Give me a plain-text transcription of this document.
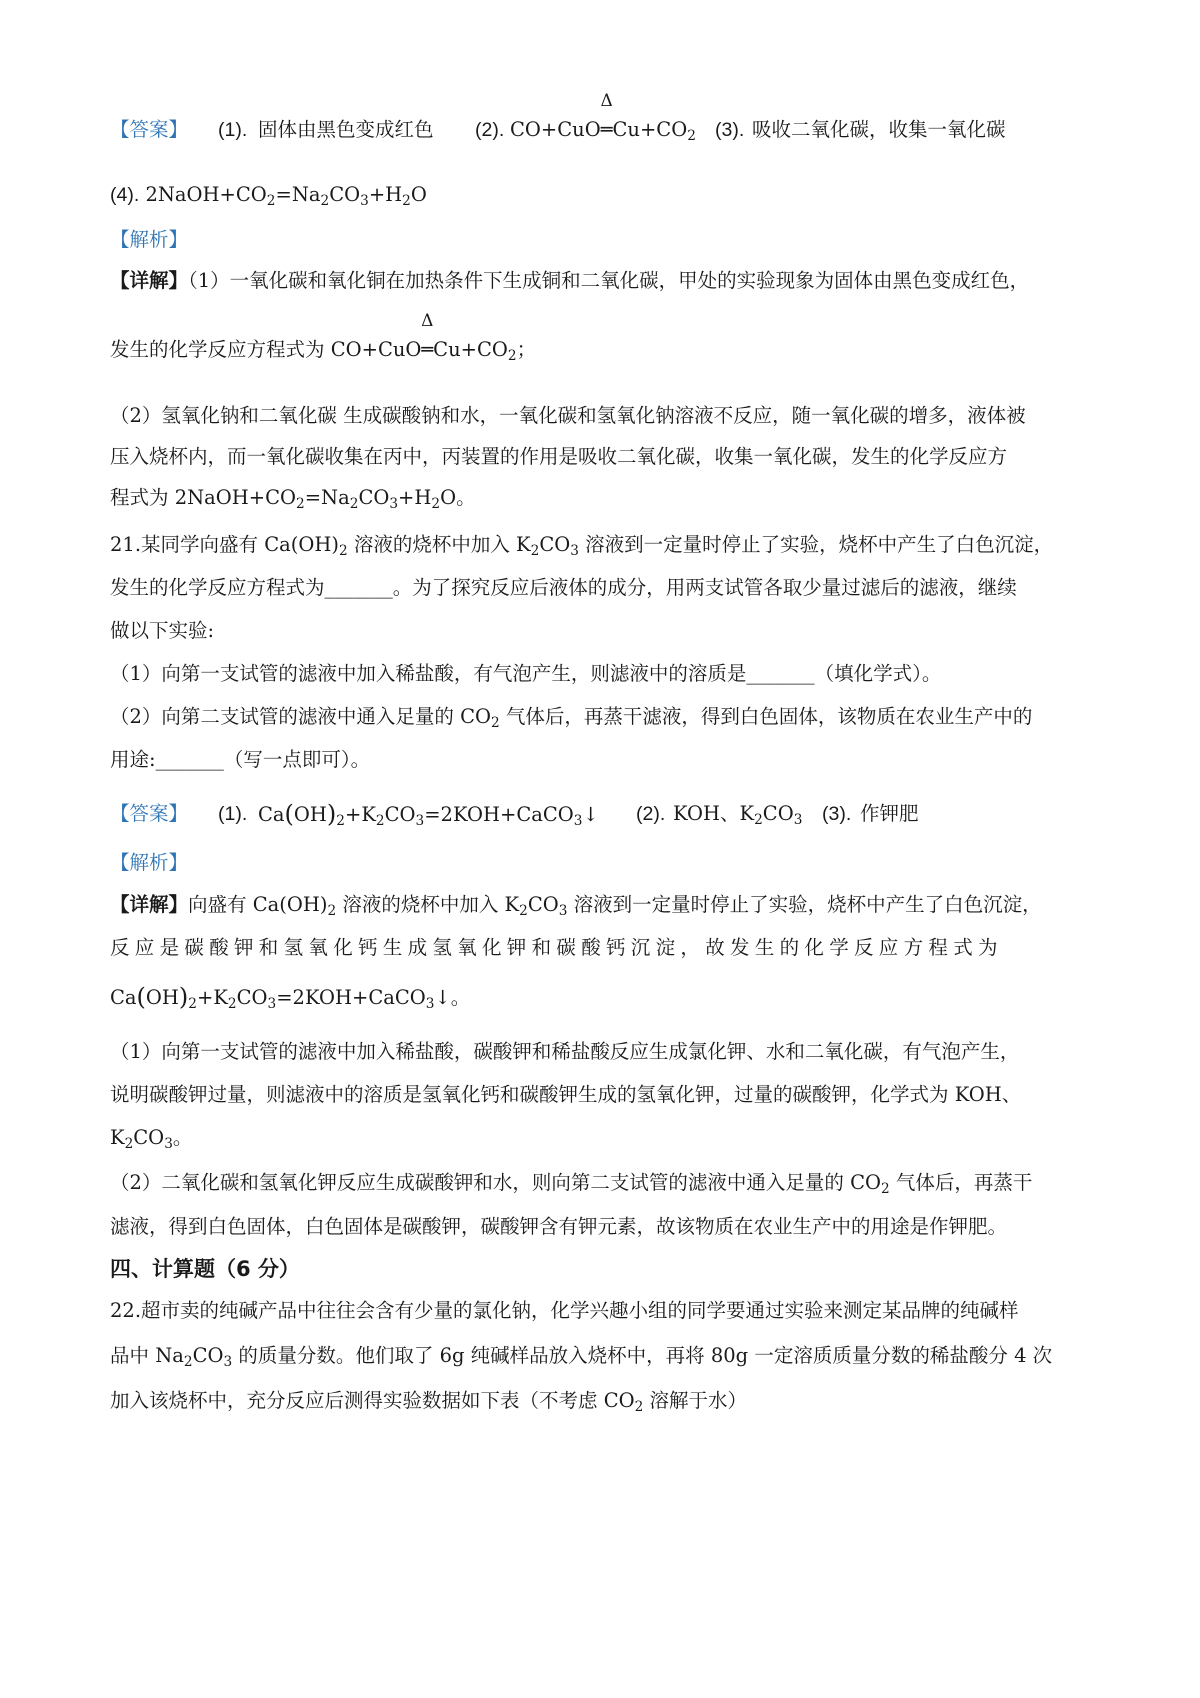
【答案】 (1). 固体由黑色变成红色 (2). CO+CuO
Δ
$═Cu+CO_2$ (3). 吸收二氧化碳，收集一氧化碳
(4). $2NaOH+CO_2=Na_2CO_3+H_2O$
【解析】
【详解】（1）一氧化碳和氧化铜在加热条件下生成铜和二氧化碳，甲处的实验现象为固体由黑色变成红色，
发生的化学反应方程式为 CO+CuO
Δ
$═Cu+CO_2$；
（2）氢氧化钠和二氧化碳 生成碳酸钠和水，一氧化碳和氢氧化钠溶液不反应，随一氧化碳的增多，液体被
压入烧杯内，而一氧化碳收集在丙中，丙装置的作用是吸收二氧化碳，收集一氧化碳，发生的化学反应方
程式为 $2NaOH+CO_2=Na_2CO_3+H_2O$。
21.某同学向盛有 $Ca(OH)_2$ 溶液的烧杯中加入 $K_2CO_3$ 溶液到一定量时停止了实验，烧杯中产生了白色沉淀，
发生的化学反应方程式为_______。为了探究反应后液体的成分，用两支试管各取少量过滤后的滤液，继续
做以下实验:
（1）向第一支试管的滤液中加入稀盐酸，有气泡产生，则滤液中的溶质是_______（填化学式）。
（2）向第二支试管的滤液中通入足量的 $CO_2$ 气体后，再蒸干滤液，得到白色固体，该物质在农业生产中的
用途:_______（写一点即可）。
【答案】 (1). $Ca(OH)_2+K_2CO_3=2KOH+CaCO_3↓$ (2). KOH、$K_2CO_3$ (3). 作钾肥
【解析】
【详解】向盛有 $Ca(OH)_2$ 溶液的烧杯中加入 $K_2CO_3$ 溶液到一定量时停止了实验，烧杯中产生了白色沉淀，
反应是碳酸钾和氢氧化钙生成氢氧化钾和碳酸钙沉淀，故发生的化学反应方程式为
$Ca(OH)_2+K_2CO_3=2KOH+CaCO_3↓$。
（1）向第一支试管的滤液中加入稀盐酸，碳酸钾和稀盐酸反应生成氯化钾、水和二氧化碳，有气泡产生，
说明碳酸钾过量，则滤液中的溶质是氢氧化钙和碳酸钾生成的氢氧化钾，过量的碳酸钾，化学式为 KOH、
$K_2CO_3$。
（2）二氧化碳和氢氧化钾反应生成碳酸钾和水，则向第二支试管的滤液中通入足量的 $CO_2$ 气体后，再蒸干
滤液，得到白色固体，白色固体是碳酸钾，碳酸钾含有钾元素，故该物质在农业生产中的用途是作钾肥。
四、计算题（6 分）
22.超市卖的纯碱产品中往往会含有少量的氯化钠，化学兴趣小组的同学要通过实验来测定某品牌的纯碱样
品中 $Na_2CO_3$ 的质量分数。他们取了 6g 纯碱样品放入烧杯中，再将 80g 一定溶质质量分数的稀盐酸分 4 次
加入该烧杯中，充分反应后测得实验数据如下表（不考虑 $CO_2$ 溶解于水）
